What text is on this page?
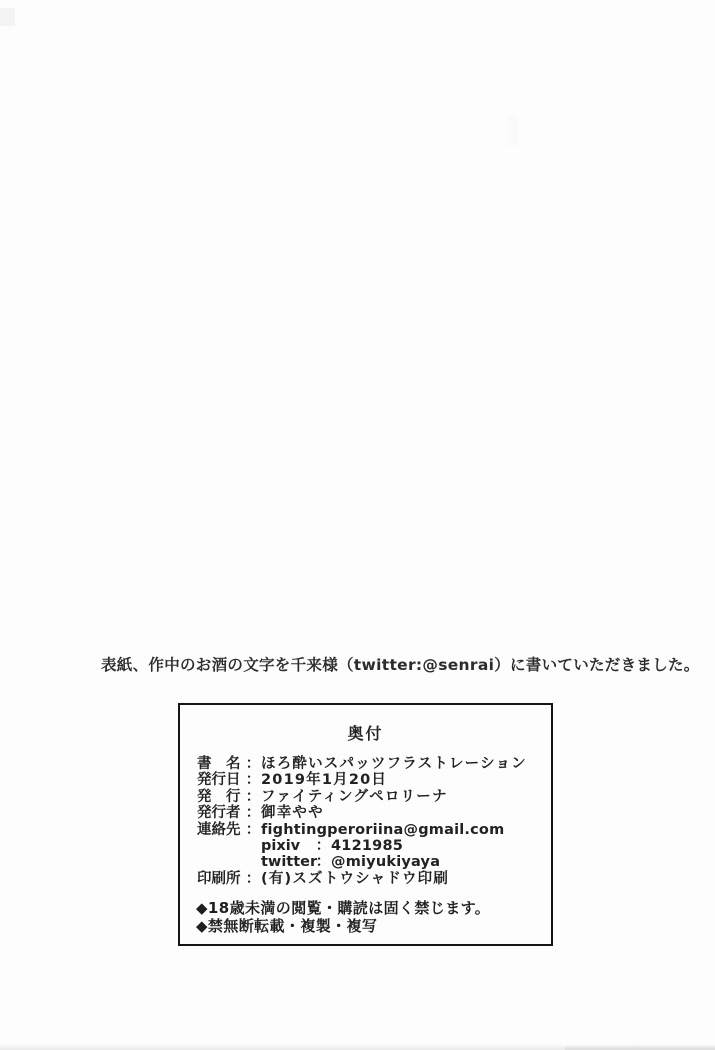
表紙、作中のお酒の文字を千来様（twitter:@senrai）に書いていただきました。
奥付
書　名 ： ほろ酔いスパッツフラストレーション
発行日 ： 2019年1月20日
発　行 ： ファイティングペロリーナ
発行者 ： 御幸やや
連絡先 ： fightingperoriina@gmail.com
pixiv	： 4121985
twitter
： @miyukiyaya
印刷所 ： (有)スズトウシャドウ印刷
◆18歳未満の閲覧・購読は固く禁じます。
◆禁無断転載・複製・複写
